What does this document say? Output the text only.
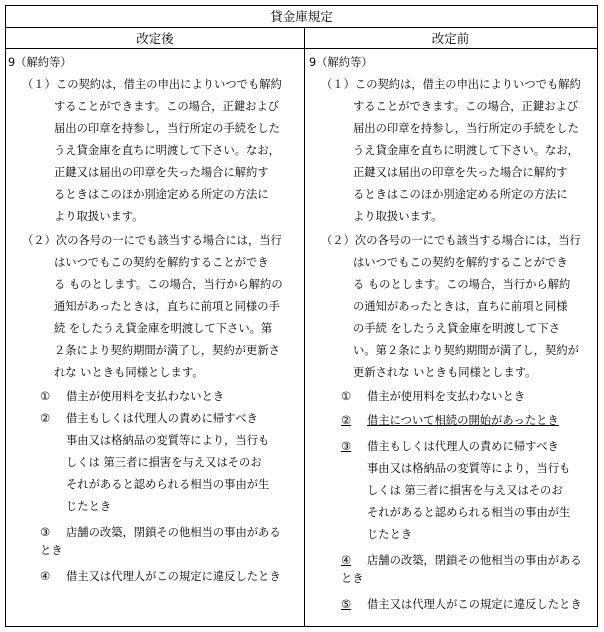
貸金庫規定
改定後	改定前
9（解約等）
（１）この契約は，借主の申出によりいつでも解約
することができます。この場合，正鍵および
届出の印章を持参し，当行所定の手続をした
うえ貸金庫を直ちに明渡して下さい。なお，
正鍵又は届出の印章を失った場合に解約す
るときはこのほか別途定める所定の方法に
より取扱います。
（２）次の各号の一にでも該当する場合には，当行
はいつでもこの契約を解約することができ
る ものとします。この場合，当行から解約の
通知があったときは，直ちに前項と同様の手
続 をしたうえ貸金庫を明渡して下さい。第
２条により契約期間が満了し，契約が更新さ
れな いときも同様とします。
① 借主が使用料を支払わないとき
② 借主もしくは代理人の責めに帰すべき
事由又は格納品の変質等により，当行も
しくは 第三者に損害を与え又はそのお
それがあると認められる相当の事由が生
じたとき
③ 店舗の改築，閉鎖その他相当の事由がある
とき
④ 借主又は代理人がこの規定に違反したとき
9（解約等）
（１）この契約は，借主の申出によりいつでも解約
することができます。この場合，正鍵および
届出の印章を持参し，当行所定の手続をした
うえ貸金庫を直ちに明渡して下さい。なお，
正鍵又は届出の印章を失った場合に解約す
るときはこのほか別途定める所定の方法に
より取扱います。
（２）次の各号の一にでも該当する場合には，当行
はいつでもこの契約を解約することができ
る ものとします。この場合，当行から解約
の通知があったときは，直ちに前項と同様
の手続 をしたうえ貸金庫を明渡して下さ
い。第２条により契約期間が満了し，契約が
更新されな いときも同様とします。
① 借主が使用料を支払わないとき
② 借主について相続の開始があったとき
③ 借主もしくは代理人の責めに帰すべき
事由又は格納品の変質等により，当行も
しくは 第三者に損害を与え又はそのお
それがあると認められる相当の事由が生
じたとき
④ 店舗の改築，閉鎖その他相当の事由がある
とき
⑤ 借主又は代理人がこの規定に違反したとき
